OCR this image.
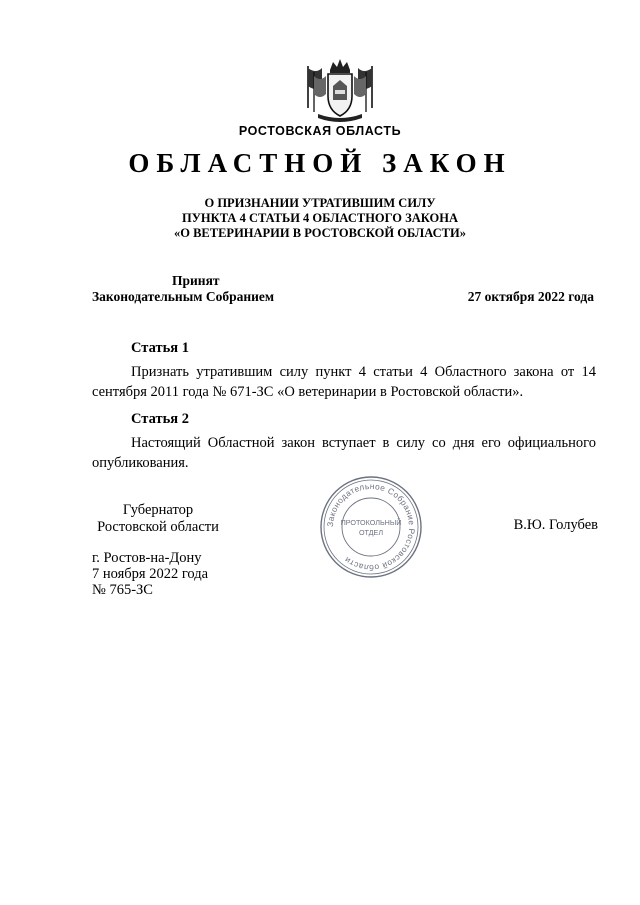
РОСТОВСКАЯ ОБЛАСТЬ
ОБЛАСТНОЙ ЗАКОН
О ПРИЗНАНИИ УТРАТИВШИМ СИЛУ
ПУНКТА 4 СТАТЬИ 4 ОБЛАСТНОГО ЗАКОНА
«О ВЕТЕРИНАРИИ В РОСТОВСКОЙ ОБЛАСТИ»
Принят
Законодательным Собранием	27 октября 2022 года
Статья 1
Признать утратившим силу пункт 4 статьи 4 Областного закона от 14 сентября 2011 года № 671-ЗС «О ветеринарии в Ростовской области».
Статья 2
Настоящий Областной закон вступает в силу со дня его официального опубликования.
Губернатор
Ростовской области	Законодательное Собрание Ростовской области
ПРОТОКОЛЬНЫЙ
ОТДЕЛ	В.Ю. Голубев
г. Ростов-на-Дону
7 ноября 2022 года
№ 765-ЗС
